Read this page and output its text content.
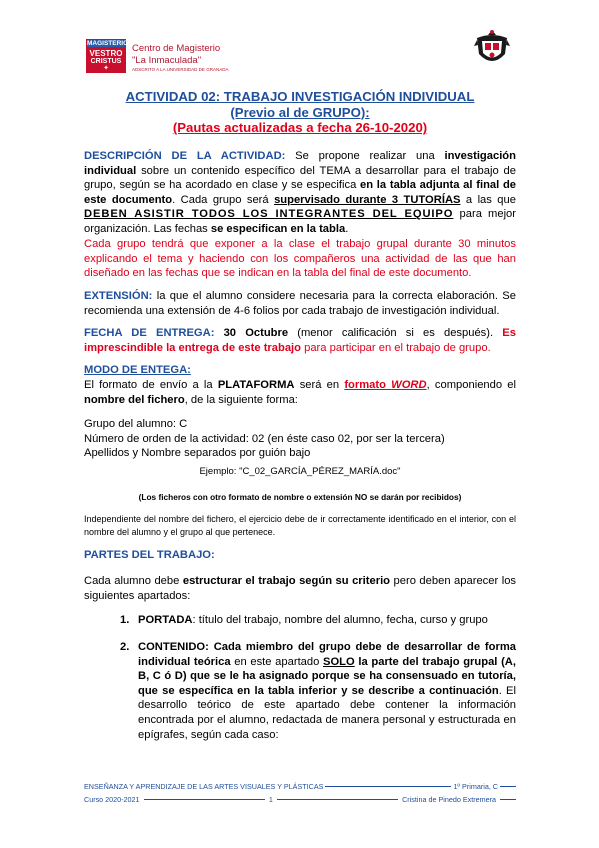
MAGISTERIO
VESTRO
CRISTUS
✦
Centro de Magisterio
"La Inmaculada"
ADSCRITO A LA UNIVERSIDAD DE GRANADA
ACTIVIDAD 02: TRABAJO INVESTIGACIÓN INDIVIDUAL
(Previo al de GRUPO):
(Pautas actualizadas a fecha 26-10-2020)
DESCRIPCIÓN DE LA ACTIVIDAD: Se propone realizar una investigación individual sobre un contenido específico del TEMA a desarrollar para el trabajo de grupo, según se ha acordado en clase y se especifica en la tabla adjunta al final de este documento. Cada grupo será supervisado durante 3 TUTORÍAS a las que DEBEN ASISTIR TODOS LOS INTEGRANTES DEL EQUIPO para mejor organización. Las fechas se especifican en la tabla.
Cada grupo tendrá que exponer a la clase el trabajo grupal durante 30 minutos explicando el tema y haciendo con los compañeros una actividad de las que han diseñado en las fechas que se indican en la tabla del final de este documento.
EXTENSIÓN: la que el alumno considere necesaria para la correcta elaboración. Se recomienda una extensión de 4-6 folios por cada trabajo de investigación individual.
FECHA DE ENTREGA: 30 Octubre (menor calificación si es después). Es imprescindible la entrega de este trabajo para participar en el trabajo de grupo.
MODO DE ENTEGA:
El formato de envío a la PLATAFORMA será en formato WORD, componiendo el nombre del fichero, de la siguiente forma:
Grupo del alumno: C
Número de orden de la actividad: 02 (en éste caso 02, por ser la tercera)
Apellidos y Nombre separados por guión bajo
Ejemplo: "C_02_GARCÍA_PÉREZ_MARÍA.doc"
(Los ficheros con otro formato de nombre o extensión NO se darán por recibidos)
Independiente del nombre del fichero, el ejercicio debe de ir correctamente identificado en el interior, con el nombre del alumno y el grupo al que pertenece.
PARTES DEL TRABAJO:
Cada alumno debe estructurar el trabajo según su criterio pero deben aparecer los siguientes apartados:
1. PORTADA: título del trabajo, nombre del alumno, fecha, curso y grupo
2. CONTENIDO: Cada miembro del grupo debe de desarrollar de forma individual teórica en este apartado SOLO la parte del trabajo grupal (A, B, C ó D) que se le ha asignado porque se ha consensuado en tutoría, que se específica en la tabla inferior y se describe a continuación. El desarrollo teórico de este apartado debe contener la información encontrada por el alumno, redactada de manera personal y estructurada en epígrafes, según cada caso:
ENSEÑANZA Y APRENDIZAJE DE LAS ARTES VISUALES Y PLÁSTICAS	1º Primaria, C
Curso 2020-2021	1	Cristina de Pinedo Extremera
